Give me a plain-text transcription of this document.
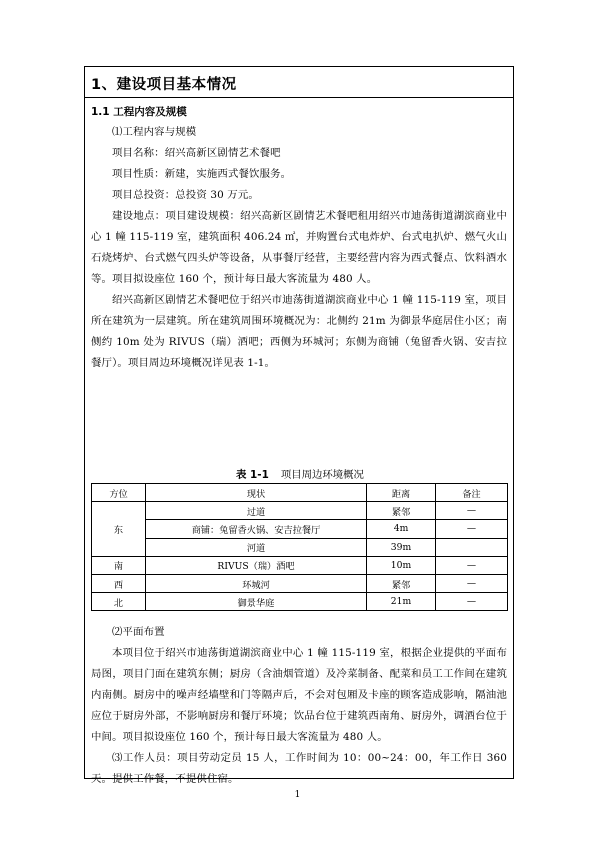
1、建设项目基本情况
1.1 工程内容及规模

⑴工程内容与规模

项目名称：绍兴高新区剧情艺术餐吧

项目性质：新建，实施西式餐饮服务。

项目总投资：总投资 30 万元。

建设地点：项目建设规模：绍兴高新区剧情艺术餐吧租用绍兴市迪荡街道湖滨商业中心 1 幢 115-119 室，建筑面积 406.24 ㎡，并购置台式电炸炉、台式电扒炉、燃气火山石烧烤炉、台式燃气四头炉等设备，从事餐厅经营，主要经营内容为西式餐点、饮料酒水等。项目拟设座位 160 个，预计每日最大客流量为 480 人。

绍兴高新区剧情艺术餐吧位于绍兴市迪荡街道湖滨商业中心 1 幢 115-119 室，项目所在建筑为一层建筑。所在建筑周围环境概况为：北侧约 21m 为御景华庭居住小区；南侧约 10m 处为 RIVUS（瑞）酒吧；西侧为环城河；东侧为商铺（兔留香火锅、安吉拉餐厅）。项目周边环境概况详见表 1-1。

表 1-1 项目周边环境概况
方位	现状	距离	备注
东	过道	紧邻	—
	商铺：兔留香火锅、安吉拉餐厅	4m	—
	河道	39m	
南	RIVUS（瑞）酒吧	10m	—
西	环城河	紧邻	—
北	御景华庭	21m	—

⑵平面布置

本项目位于绍兴市迪荡街道湖滨商业中心 1 幢 115-119 室，根据企业提供的平面布局图，项目门面在建筑东侧；厨房（含油烟管道）及冷菜制备、配菜和员工工作间在建筑内南侧。厨房中的噪声经墙壁和门等隔声后，不会对包厢及卡座的顾客造成影响，隔油池应位于厨房外部，不影响厨房和餐厅环境；饮品台位于建筑西南角、厨房外，调酒台位于中间。项目拟设座位 160 个，预计每日最大客流量为 480 人。

⑶工作人员：项目劳动定员 15 人，工作时间为 10：00~24：00，年工作日 360 天。提供工作餐，不提供住宿。

1
